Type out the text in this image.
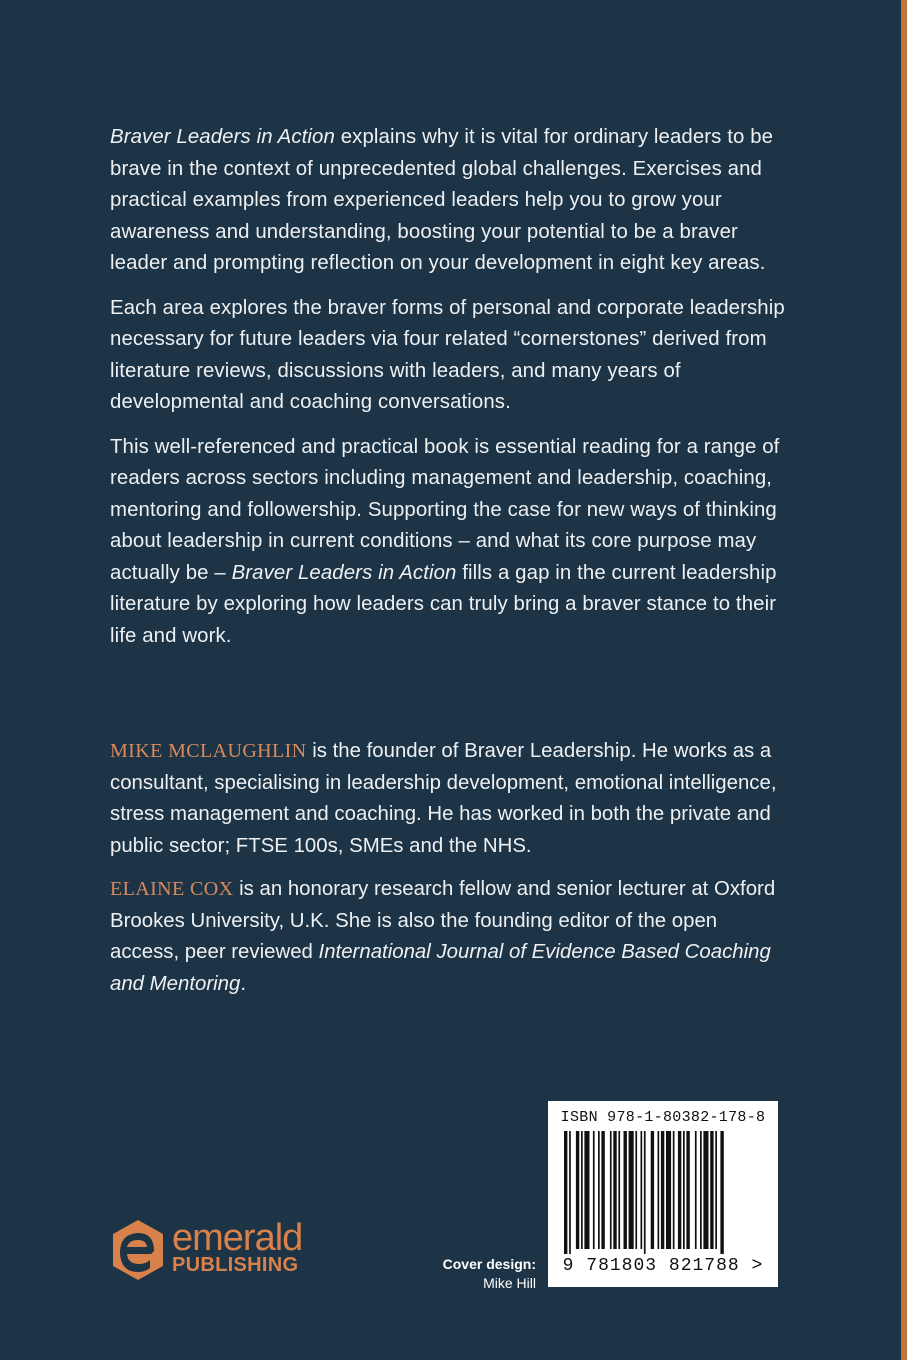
Braver Leaders in Action explains why it is vital for ordinary leaders to be brave in the context of unprecedented global challenges. Exercises and practical examples from experienced leaders help you to grow your awareness and understanding, boosting your potential to be a braver leader and prompting reflection on your development in eight key areas.

Each area explores the braver forms of personal and corporate leadership necessary for future leaders via four related “cornerstones” derived from literature reviews, discussions with leaders, and many years of developmental and coaching conversations.

This well-referenced and practical book is essential reading for a range of readers across sectors including management and leadership, coaching, mentoring and followership. Supporting the case for new ways of thinking about leadership in current conditions – and what its core purpose may actually be – Braver Leaders in Action fills a gap in the current leadership literature by exploring how leaders can truly bring a braver stance to their life and work.

MIKE MCLAUGHLIN is the founder of Braver Leadership. He works as a consultant, specialising in leadership development, emotional intelligence, stress management and coaching. He has worked in both the private and public sector; FTSE 100s, SMEs and the NHS.

ELAINE COX is an honorary research fellow and senior lecturer at Oxford Brookes University, U.K. She is also the founding editor of the open access, peer reviewed International Journal of Evidence Based Coaching and Mentoring.

emerald
PUBLISHING	Cover design:
Mike Hill
ISBN 978-1-80382-178-8
9 781803 821788 >
